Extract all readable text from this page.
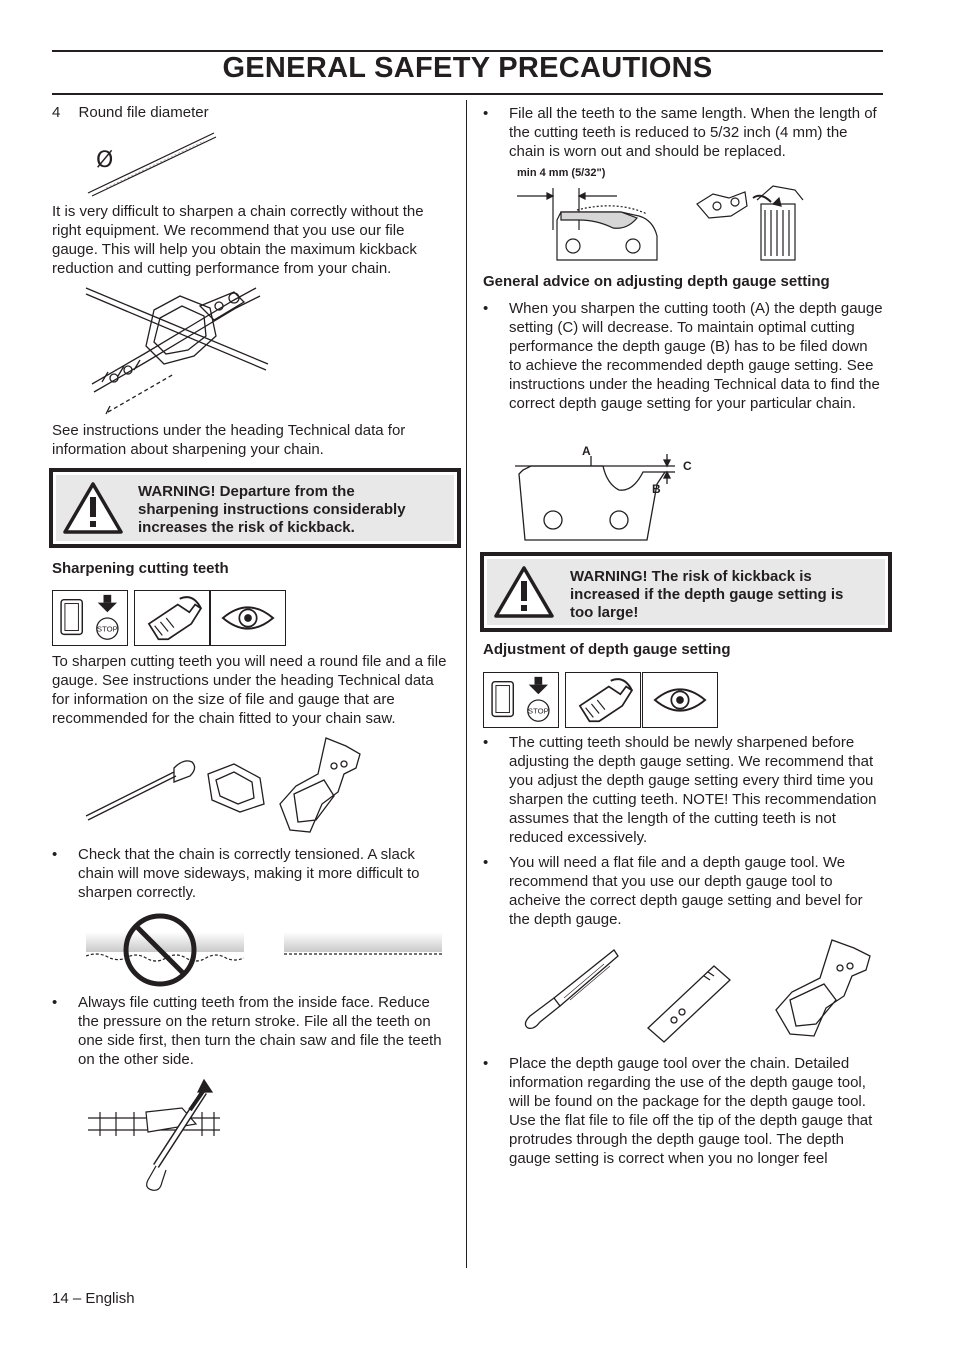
GENERAL SAFETY PRECAUTIONS
4 Round file diameter
Ø
It is very difficult to sharpen a chain correctly without the right equipment. We recommend that you use our file gauge. This will help you obtain the maximum kickback reduction and cutting performance from your chain.
See instructions under the heading Technical data for information about sharpening your chain.
WARNING! Departure from the sharpening instructions considerably increases the risk of kickback.
Sharpening cutting teeth
STOP
To sharpen cutting teeth you will need a round file and a file gauge. See instructions under the heading Technical data for information on the size of file and gauge that are recommended for the chain fitted to your chain saw.
• Check that the chain is correctly tensioned. A slack chain will move sideways, making it more difficult to sharpen correctly.
• Always file cutting teeth from the inside face. Reduce the pressure on the return stroke. File all the teeth on one side first, then turn the chain saw and file the teeth on the other side.
• File all the teeth to the same length. When the length of the cutting teeth is reduced to 5/32 inch (4 mm) the chain is worn out and should be replaced.
min 4 mm (5/32")
General advice on adjusting depth gauge setting
• When you sharpen the cutting tooth (A) the depth gauge setting (C) will decrease. To maintain optimal cutting performance the depth gauge (B) has to be filed down to achieve the recommended depth gauge setting. See instructions under the heading Technical data to find the correct depth gauge setting for your particular chain.
A
C
B
WARNING! The risk of kickback is increased if the depth gauge setting is too large!
Adjustment of depth gauge setting
STOP
• The cutting teeth should be newly sharpened before adjusting the depth gauge setting. We recommend that you adjust the depth gauge setting every third time you sharpen the cutting teeth. NOTE! This recommendation assumes that the length of the cutting teeth is not reduced excessively.
• You will need a flat file and a depth gauge tool. We recommend that you use our depth gauge tool to acheive the correct depth gauge setting and bevel for the depth gauge.
• Place the depth gauge tool over the chain. Detailed information regarding the use of the depth gauge tool, will be found on the package for the depth gauge tool. Use the flat file to file off the tip of the depth gauge that protrudes through the depth gauge tool. The depth gauge setting is correct when you no longer feel
14 – English
